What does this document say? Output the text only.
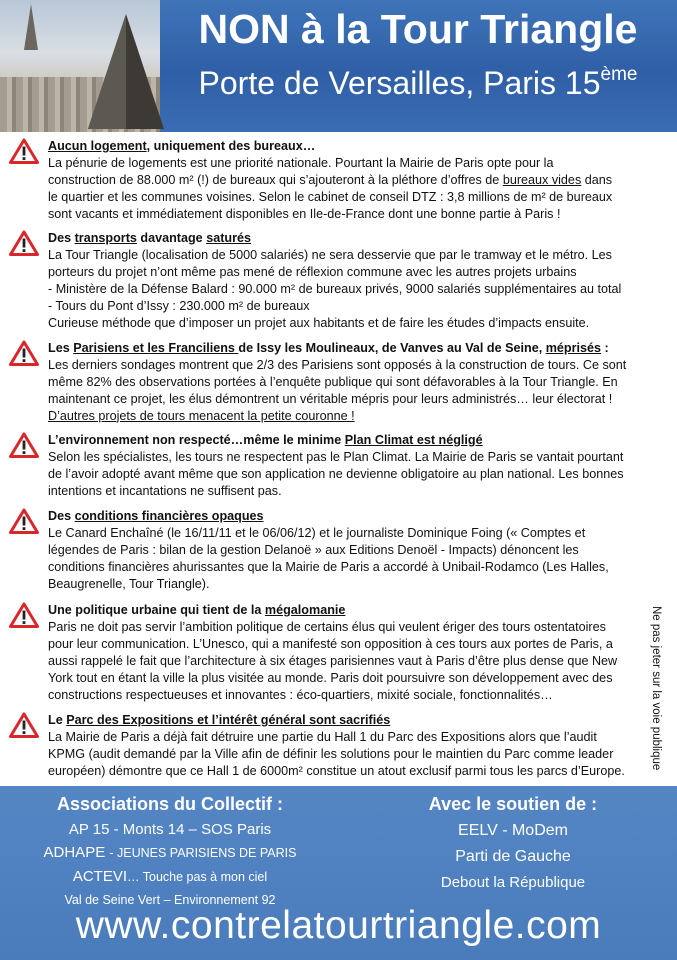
NON à la Tour Triangle
Porte de Versailles, Paris 15ème
Aucun logement, uniquement des bureaux…
La pénurie de logements est une priorité nationale. Pourtant la Mairie de Paris opte pour la
construction de 88.000 m² (!) de bureaux qui s’ajouteront à la pléthore d’offres de bureaux vides dans
le quartier et les communes voisines. Selon le cabinet de conseil DTZ : 3,8 millions de m² de bureaux
sont vacants et immédiatement disponibles en Ile-de-France dont une bonne partie à Paris !
Des transports davantage saturés
La Tour Triangle (localisation de 5000 salariés) ne sera desservie que par le tramway et le métro. Les
porteurs du projet n’ont même pas mené de réflexion commune avec les autres projets urbains
- Ministère de la Défense Balard : 90.000 m² de bureaux privés, 9000 salariés supplémentaires au total
- Tours du Pont d’Issy : 230.000 m² de bureaux
Curieuse méthode que d’imposer un projet aux habitants et de faire les études d’impacts ensuite.
Les Parisiens et les Franciliens de Issy les Moulineaux, de Vanves au Val de Seine, méprisés :
Les derniers sondages montrent que 2/3 des Parisiens sont opposés à la construction de tours. Ce sont
même 82% des observations portées à l’enquête publique qui sont défavorables à la Tour Triangle. En
maintenant ce projet, les élus démontrent un véritable mépris pour leurs administrés… leur électorat !
D’autres projets de tours menacent la petite couronne !
L’environnement non respecté…même le minime Plan Climat est négligé
Selon les spécialistes, les tours ne respectent pas le Plan Climat. La Mairie de Paris se vantait pourtant
de l’avoir adopté avant même que son application ne devienne obligatoire au plan national. Les bonnes
intentions et incantations ne suffisent pas.
Des conditions financières opaques
Le Canard Enchaîné (le 16/11/11 et le 06/06/12) et le journaliste Dominique Foing (« Comptes et
légendes de Paris : bilan de la gestion Delanoë » aux Editions Denoël - Impacts) dénoncent les
conditions financières ahurissantes que la Mairie de Paris a accordé à Unibail-Rodamco (Les Halles,
Beaugrenelle, Tour Triangle).
Une politique urbaine qui tient de la mégalomanie
Paris ne doit pas servir l’ambition politique de certains élus qui veulent ériger des tours ostentatoires
pour leur communication. L’Unesco, qui a manifesté son opposition à ces tours aux portes de Paris, a
aussi rappelé le fait que l’architecture à six étages parisiennes vaut à Paris d’être plus dense que New
York tout en étant la ville la plus visitée au monde. Paris doit poursuivre son développement avec des
constructions respectueuses et innovantes : éco-quartiers, mixité sociale, fonctionnalités…
Le Parc des Expositions et l’intérêt général sont sacrifiés
La Mairie de Paris a déjà fait détruire une partie du Hall 1 du Parc des Expositions alors que l’audit
KPMG (audit demandé par la Ville afin de définir les solutions pour le maintien du Parc comme leader
européen) démontre que ce Hall 1 de 6000m² constitue un atout exclusif parmi tous les parcs d’Europe.
Ne pas jeter sur la voie publique
Associations du Collectif :
AP 15 - Monts 14 – SOS Paris
ADHAPE - JEUNES PARISIENS DE PARIS
ACTEVI… Touche pas à mon ciel
Val de Seine Vert – Environnement 92
Avec le soutien de :
EELV - MoDem
Parti de Gauche
Debout la République
www.contrelatourtriangle.com
